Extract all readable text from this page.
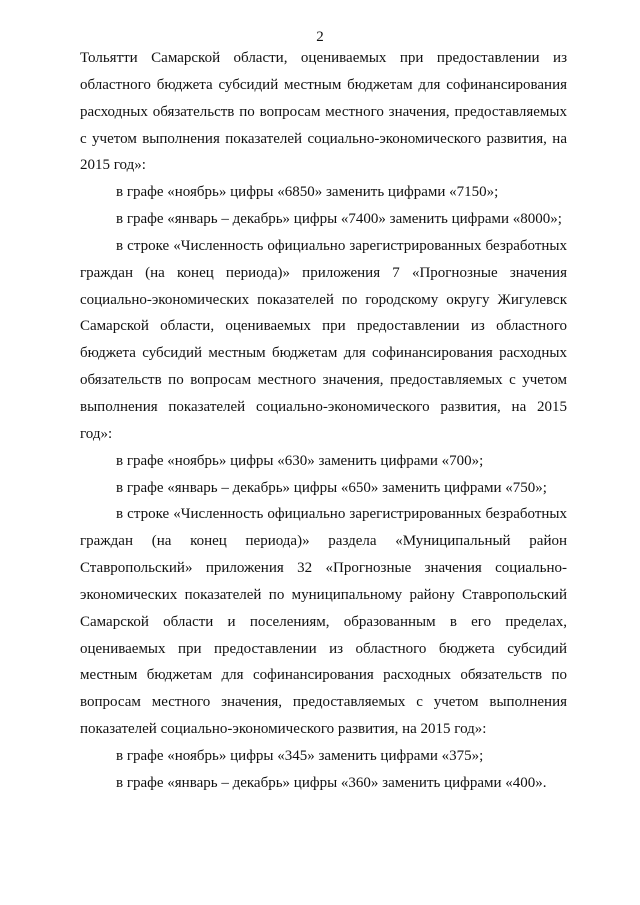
2

Тольятти Самарской области, оцениваемых при предоставлении из областного бюджета субсидий местным бюджетам для софинансирования расходных обязательств по вопросам местного значения, предоставляемых с учетом выполнения показателей социально-экономического развития, на 2015 год»:

в графе «ноябрь» цифры «6850» заменить цифрами «7150»;

в графе «январь – декабрь» цифры «7400» заменить цифрами «8000»;

в строке «Численность официально зарегистрированных безработных граждан (на конец периода)» приложения 7 «Прогнозные значения социально-экономических показателей по городскому округу Жигулевск Самарской области, оцениваемых при предоставлении из областного бюджета субсидий местным бюджетам для софинансирования расходных обязательств по вопросам местного значения, предоставляемых с учетом выполнения показателей социально-экономического развития, на 2015 год»:

в графе «ноябрь» цифры «630» заменить цифрами «700»;

в графе «январь – декабрь» цифры «650» заменить цифрами «750»;

в строке «Численность официально зарегистрированных безработных граждан (на конец периода)» раздела «Муниципальный район Ставропольский» приложения 32 «Прогнозные значения социально-экономических показателей по муниципальному району Ставропольский Самарской области и поселениям, образованным в его пределах, оцениваемых при предоставлении из областного бюджета субсидий местным бюджетам для софинансирования расходных обязательств по вопросам местного значения, предоставляемых с учетом выполнения показателей социально-экономического развития, на 2015 год»:

в графе «ноябрь» цифры «345» заменить цифрами «375»;

в графе «январь – декабрь» цифры «360» заменить цифрами «400».
